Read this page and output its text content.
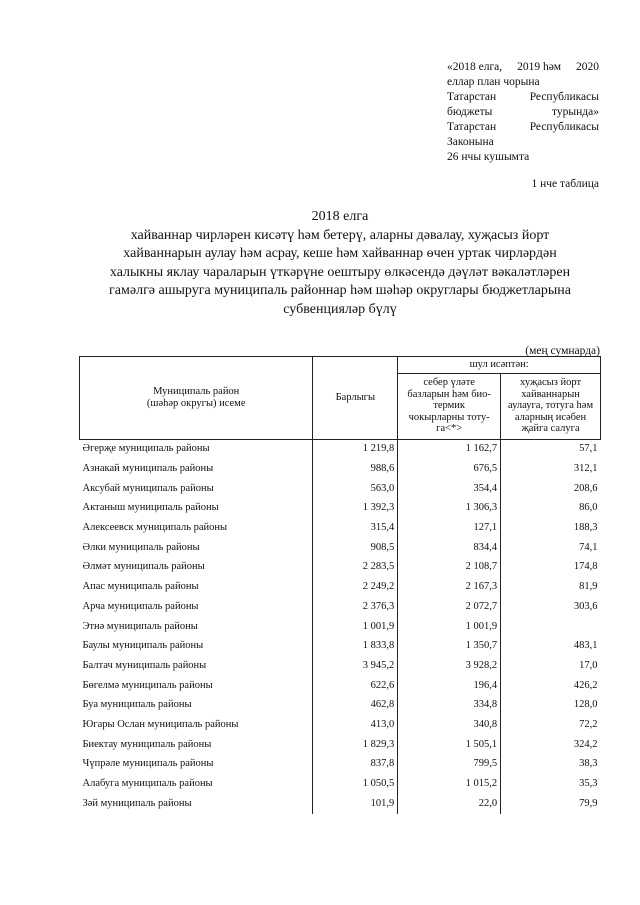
«2018 елга, 2019 һәм 2020
еллар план чорына
Татарстан	Республикасы
бюджеты	турында»
Татарстан	Республикасы
Законына
26 нчы кушымта
1 нче таблица
2018 елга
хайваннар чирләрен кисәтү һәм бетерү, аларны дәвалау, хуҗасыз йорт
хайваннарын аулау һәм асрау, кеше һәм хайваннар өчен уртак чирләрдән
халыкны яклау чараларын үткәрүне оештыру өлкәсендә дәүләт вәкаләтләрен
гамәлгә ашыруга муниципаль районнар һәм шәһәр округлары бюджетларына
субвенцияләр бүлү
(мең сумнарда)
Муниципаль район
(шәһәр округы) исеме	Барлыгы	шул исәптән:	
		себер үләте
базларын һәм био-
термик
чокырларны тоту-
га<*>	хуҗасыз йорт
хайваннарын
аулауга, тотуга һәм
аларның исәбен
җайга салуга
Әгерҗе муниципаль районы	1 219,8	1 162,7	57,1
Азнакай муниципаль районы	988,6	676,5	312,1
Аксубай муниципаль районы	563,0	354,4	208,6
Актаныш муниципаль районы	1 392,3	1 306,3	86,0
Алексеевск муниципаль районы	315,4	127,1	188,3
Әлки муниципаль районы	908,5	834,4	74,1
Әлмәт муниципаль районы	2 283,5	2 108,7	174,8
Апас муниципаль районы	2 249,2	2 167,3	81,9
Арча муниципаль районы	2 376,3	2 072,7	303,6
Этнә муниципаль районы	1 001,9	1 001,9	
Баулы муниципаль районы	1 833,8	1 350,7	483,1
Балтач муниципаль районы	3 945,2	3 928,2	17,0
Бөгелмә муниципаль районы	622,6	196,4	426,2
Буа муниципаль районы	462,8	334,8	128,0
Югары Ослан муниципаль районы	413,0	340,8	72,2
Биектау муниципаль районы	1 829,3	1 505,1	324,2
Чүпрәле муниципаль районы	837,8	799,5	38,3
Алабуга муниципаль районы	1 050,5	1 015,2	35,3
Зәй муниципаль районы	101,9	22,0	79,9
